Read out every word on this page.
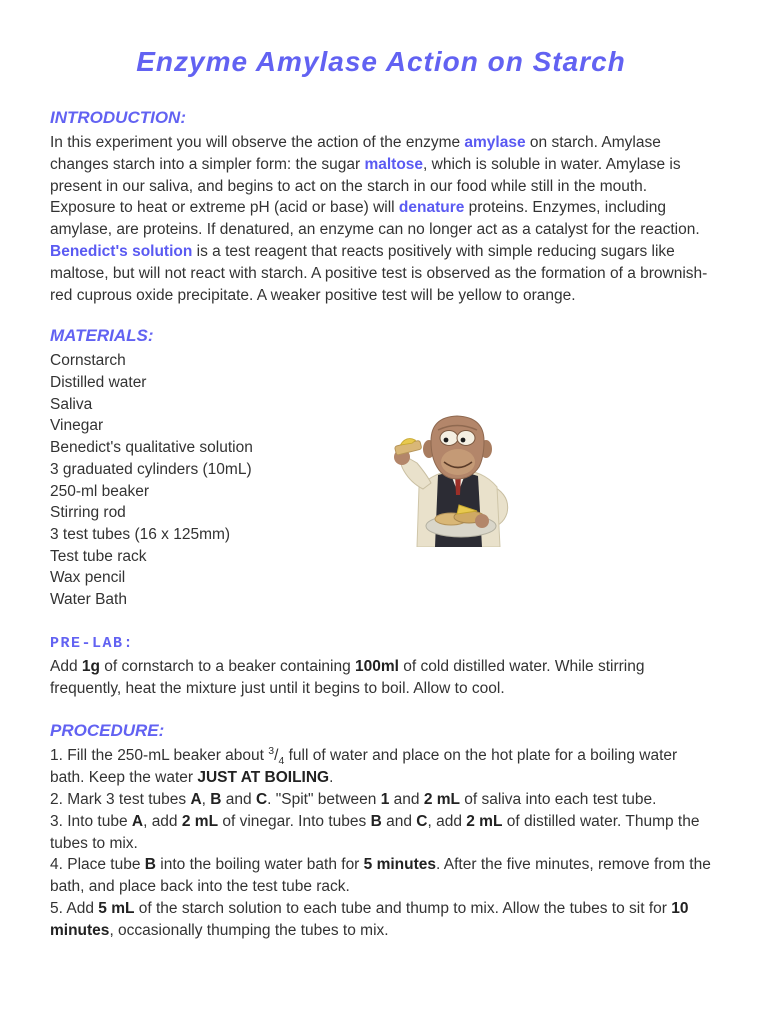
Enzyme Amylase Action on Starch
INTRODUCTION:

In this experiment you will observe the action of the enzyme amylase on starch. Amylase changes starch into a simpler form: the sugar maltose, which is soluble in water. Amylase is present in our saliva, and begins to act on the starch in our food while still in the mouth. Exposure to heat or extreme pH (acid or base) will denature proteins. Enzymes, including amylase, are proteins. If denatured, an enzyme can no longer act as a catalyst for the reaction. Benedict's solution is a test reagent that reacts positively with simple reducing sugars like maltose, but will not react with starch. A positive test is observed as the formation of a brownish-red cuprous oxide precipitate. A weaker positive test will be yellow to orange.

MATERIALS:
Cornstarch
Distilled water
Saliva
Vinegar
Benedict's qualitative solution
3 graduated cylinders (10mL)
250-ml beaker
Stirring rod
3 test tubes (16 x 125mm)
Test tube rack
Wax pencil
Water Bath
PRE-LAB:

Add 1g of cornstarch to a beaker containing 100ml of cold distilled water. While stirring frequently, heat the mixture just until it begins to boil. Allow to cool.

PROCEDURE:

1. Fill the 250-mL beaker about $^3/_4$ full of water and place on the hot plate for a boiling water bath. Keep the water JUST AT BOILING.

2. Mark 3 test tubes A, B and C. "Spit" between 1 and 2 mL of saliva into each test tube.

3. Into tube A, add 2 mL of vinegar. Into tubes B and C, add 2 mL of distilled water. Thump the tubes to mix.

4. Place tube B into the boiling water bath for 5 minutes. After the five minutes, remove from the bath, and place back into the test tube rack.

5. Add 5 mL of the starch solution to each tube and thump to mix. Allow the tubes to sit for 10 minutes, occasionally thumping the tubes to mix.
